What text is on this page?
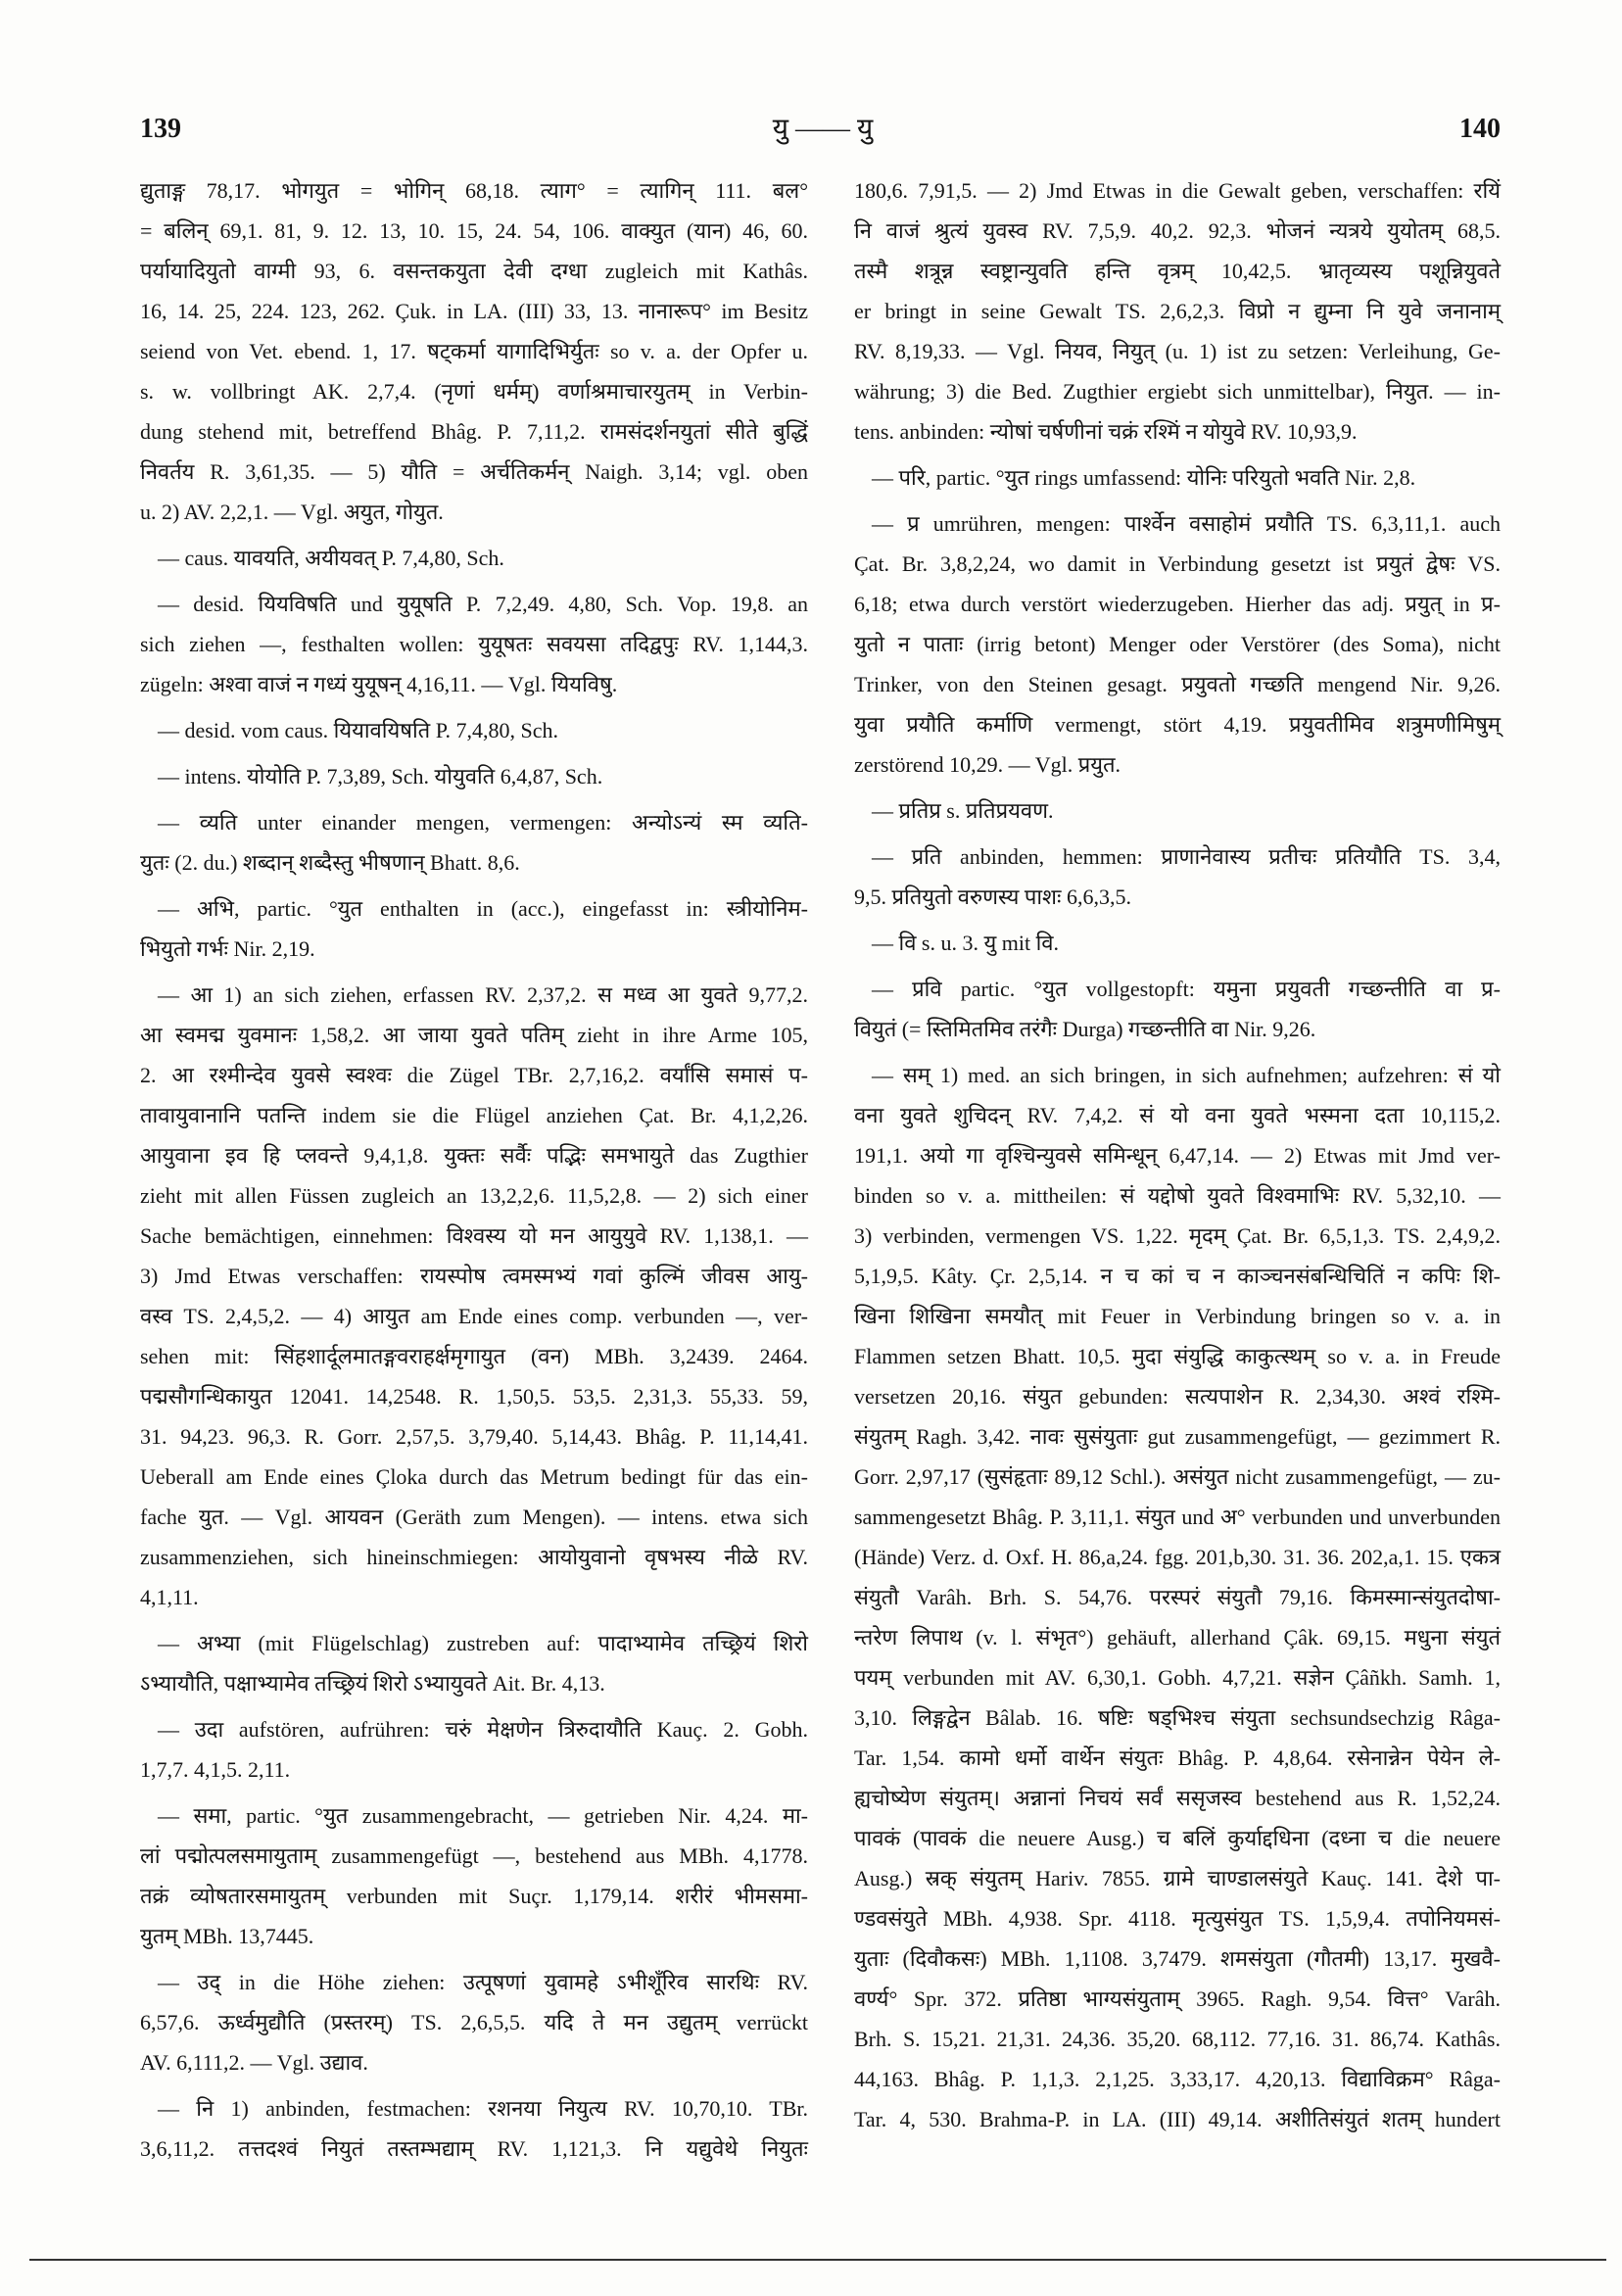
139	यु —— यु	140
द्युताङ्ग 78,17. भोगयुत = भोगिन् 68,18. त्याग° = त्यागिन् 111. बल°
= बलिन् 69,1. 81, 9. 12. 13, 10. 15, 24. 54, 106. वाक्युत (यान) 46, 60.
पर्यायादियुतो वाग्मी 93, 6. वसन्तकयुता देवी दग्धा zugleich mit Kathâs.
16, 14. 25, 224. 123, 262. Çuk. in LA. (III) 33, 13. नानारूप° im Besitz
seiend von Vet. ebend. 1, 17. षट्कर्मा यागादिभिर्युतः so v. a. der Opfer u.
s. w. vollbringt AK. 2,7,4. (नृणां धर्मम्) वर्णाश्रमाचारयुतम् in Verbin-
dung stehend mit, betreffend Bhâg. P. 7,11,2. रामसंदर्शनयुतां सीते बुद्धिं
निवर्तय R. 3,61,35. — 5) यौति = अर्चतिकर्मन् Naigh. 3,14; vgl. oben
u. 2) AV. 2,2,1. — Vgl. अयुत, गोयुत.
— caus. यावयति, अयीयवत् P. 7,4,80, Sch.
— desid. यियविषति und युयूषति P. 7,2,49. 4,80, Sch. Vop. 19,8. an
sich ziehen —, festhalten wollen: युयूषतः सवयसा तदिद्वपुः RV. 1,144,3.
zügeln: अश्वा वाजं न गध्यं युयूषन् 4,16,11. — Vgl. यियविषु.
— desid. vom caus. यियावयिषति P. 7,4,80, Sch.
— intens. योयोति P. 7,3,89, Sch. योयुवति 6,4,87, Sch.
— व्यति unter einander mengen, vermengen: अन्योऽन्यं स्म व्यति-
युतः (2. du.) शब्दान् शब्दैस्तु भीषणान् Bhatt. 8,6.
— अभि, partic. °युत enthalten in (acc.), eingefasst in: स्त्रीयोनिम-
भियुतो गर्भः Nir. 2,19.
— आ 1) an sich ziehen, erfassen RV. 2,37,2. स मध्व आ युवते 9,77,2.
आ स्वमद्म युवमानः 1,58,2. आ जाया युवते पतिम् zieht in ihre Arme 105,
2. आ रश्मीन्देव युवसे स्वश्वः die Zügel TBr. 2,7,16,2. वर्यांसि समासं प-
तावायुवानानि पतन्ति indem sie die Flügel anziehen Çat. Br. 4,1,2,26.
आयुवाना इव हि प्लवन्ते 9,4,1,8. युक्तः सर्वैः पद्भिः समभायुते das Zugthier
zieht mit allen Füssen zugleich an 13,2,2,6. 11,5,2,8. — 2) sich einer
Sache bemächtigen, einnehmen: विश्वस्य यो मन आयुयुवे RV. 1,138,1. —
3) Jmd Etwas verschaffen: रायस्पोष त्वमस्मभ्यं गवां कुल्मिं जीवस आयु-
वस्व TS. 2,4,5,2. — 4) आयुत am Ende eines comp. verbunden —, ver-
sehen mit: सिंहशार्दूलमातङ्गवराहर्क्षमृगायुत (वन) MBh. 3,2439. 2464.
पद्मसौगन्धिकायुत 12041. 14,2548. R. 1,50,5. 53,5. 2,31,3. 55,33. 59,
31. 94,23. 96,3. R. Gorr. 2,57,5. 3,79,40. 5,14,43. Bhâg. P. 11,14,41.
Ueberall am Ende eines Çloka durch das Metrum bedingt für das ein-
fache युत. — Vgl. आयवन (Geräth zum Mengen). — intens. etwa sich
zusammenziehen, sich hineinschmiegen: आयोयुवानो वृषभस्य नीळे RV.
4,1,11.
— अभ्या (mit Flügelschlag) zustreben auf: पादाभ्यामेव तच्छ्रियं शिरो
ऽभ्यायौति, पक्षाभ्यामेव तच्छ्रियं शिरो ऽभ्यायुवते Ait. Br. 4,13.
— उदा aufstören, aufrühren: चरुं मेक्षणेन त्रिरुदायौति Kauç. 2. Gobh.
1,7,7. 4,1,5. 2,11.
— समा, partic. °युत zusammengebracht, — getrieben Nir. 4,24. मा-
लां पद्मोत्पलसमायुताम् zusammengefügt —, bestehend aus MBh. 4,1778.
तक्रं व्योषतारसमायुतम् verbunden mit Suçr. 1,179,14. शरीरं भीमसमा-
युतम् MBh. 13,7445.
— उद् in die Höhe ziehen: उत्पूषणां युवामहे ऽभीशूँरिव सारथिः RV.
6,57,6. ऊर्ध्वमुद्यौति (प्रस्तरम्) TS. 2,6,5,5. यदि ते मन उद्युतम् verrückt
AV. 6,111,2. — Vgl. उद्याव.
— नि 1) anbinden, festmachen: रशनया नियुत्य RV. 10,70,10. TBr.
3,6,11,2. तत्तदश्वं नियुतं तस्तम्भद्याम् RV. 1,121,3. नि यद्युवेथे नियुतः
180,6. 7,91,5. — 2) Jmd Etwas in die Gewalt geben, verschaffen: रयिं
नि वाजं श्रुत्यं युवस्व RV. 7,5,9. 40,2. 92,3. भोजनं न्यत्रये युयोतम् 68,5.
तस्मै शत्रून्न स्वष्ट्रान्युवति हन्ति वृत्रम् 10,42,5. भ्रातृव्यस्य पशून्नियुवते
er bringt in seine Gewalt TS. 2,6,2,3. विप्रो न द्युम्ना नि युवे जनानाम्
RV. 8,19,33. — Vgl. नियव, नियुत् (u. 1) ist zu setzen: Verleihung, Ge-
währung; 3) die Bed. Zugthier ergiebt sich unmittelbar), नियुत. — in-
tens. anbinden: न्योषां चर्षणीनां चक्रं रश्मिं न योयुवे RV. 10,93,9.
— परि, partic. °युत rings umfassend: योनिः परियुतो भवति Nir. 2,8.
— प्र umrühren, mengen: पार्श्वेन वसाहोमं प्रयौति TS. 6,3,11,1. auch
Çat. Br. 3,8,2,24, wo damit in Verbindung gesetzt ist प्रयुतं द्वेषः VS.
6,18; etwa durch verstört wiederzugeben. Hierher das adj. प्रयुत् in प्र-
युतो न पाताः (irrig betont) Menger oder Verstörer (des Soma), nicht
Trinker, von den Steinen gesagt. प्रयुवतो गच्छति mengend Nir. 9,26.
युवा प्रयौति कर्माणि vermengt, stört 4,19. प्रयुवतीमिव शत्रुमणीमिषुम्
zerstörend 10,29. — Vgl. प्रयुत.
— प्रतिप्र s. प्रतिप्रयवण.
— प्रति anbinden, hemmen: प्राणानेवास्य प्रतीचः प्रतियौति TS. 3,4,
9,5. प्रतियुतो वरुणस्य पाशः 6,6,3,5.
— वि s. u. 3. यु mit वि.
— प्रवि partic. °युत vollgestopft: यमुना प्रयुवती गच्छन्तीति वा प्र-
वियुतं (= स्तिमितमिव तरंगैः Durga) गच्छन्तीति वा Nir. 9,26.
— सम् 1) med. an sich bringen, in sich aufnehmen; aufzehren: सं यो
वना युवते शुचिदन् RV. 7,4,2. सं यो वना युवते भस्मना दता 10,115,2.
191,1. अयो गा वृश्चिन्युवसे समिन्धून् 6,47,14. — 2) Etwas mit Jmd ver-
binden so v. a. mittheilen: सं यद्दोषो युवते विश्वमाभिः RV. 5,32,10. —
3) verbinden, vermengen VS. 1,22. मृदम् Çat. Br. 6,5,1,3. TS. 2,4,9,2.
5,1,9,5. Kâty. Çr. 2,5,14. न च कां च न काञ्चनसंबन्धिचितिं न कपिः शि-
खिना शिखिना समयौत् mit Feuer in Verbindung bringen so v. a. in
Flammen setzen Bhatt. 10,5. मुदा संयुद्धि काकुत्स्थम् so v. a. in Freude
versetzen 20,16. संयुत gebunden: सत्यपाशेन R. 2,34,30. अश्वं रश्मि-
संयुतम् Ragh. 3,42. नावः सुसंयुताः gut zusammengefügt, — gezimmert R.
Gorr. 2,97,17 (सुसंहृताः 89,12 Schl.). असंयुत nicht zusammengefügt, — zu-
sammengesetzt Bhâg. P. 3,11,1. संयुत und अ° verbunden und unverbunden
(Hände) Verz. d. Oxf. H. 86,a,24. fgg. 201,b,30. 31. 36. 202,a,1. 15. एकत्र
संयुतौ Varâh. Brh. S. 54,76. परस्परं संयुतौ 79,16. किमस्मान्संयुतदोषा-
न्तरेण लिपाथ (v. l. संभृत°) gehäuft, allerhand Çâk. 69,15. मधुना संयुतं
पयम् verbunden mit AV. 6,30,1. Gobh. 4,7,21. सज्ञेन Çâñkh. Samh. 1,
3,10. लिङ्गद्वेन Bâlab. 16. षष्टिः षड्भिश्च संयुता sechsundsechzig Râga-
Tar. 1,54. कामो धर्मो वार्थेन संयुतः Bhâg. P. 4,8,64. रसेनान्नेन पेयेन ले-
ह्यचोष्येण संयुतम्। अन्नानां निचयं सर्वं ससृजस्व bestehend aus R. 1,52,24.
पावकं (पावकं die neuere Ausg.) च बलिं कुर्याद्दधिना (दध्ना च die neuere
Ausg.) स्रक् संयुतम् Hariv. 7855. ग्रामे चाण्डालसंयुते Kauç. 141. देशे पा-
ण्डवसंयुते MBh. 4,938. Spr. 4118. मृत्युसंयुत TS. 1,5,9,4. तपोनियमसं-
युताः (दिवौकसः) MBh. 1,1108. 3,7479. शमसंयुता (गौतमी) 13,17. मुखवै-
वर्ण्य° Spr. 372. प्रतिष्ठा भाग्यसंयुताम् 3965. Ragh. 9,54. वित्त° Varâh.
Brh. S. 15,21. 21,31. 24,36. 35,20. 68,112. 77,16. 31. 86,74. Kathâs.
44,163. Bhâg. P. 1,1,3. 2,1,25. 3,33,17. 4,20,13. विद्याविक्रम° Râga-
Tar. 4, 530. Brahma-P. in LA. (III) 49,14. अशीतिसंयुतं शतम् hundert
